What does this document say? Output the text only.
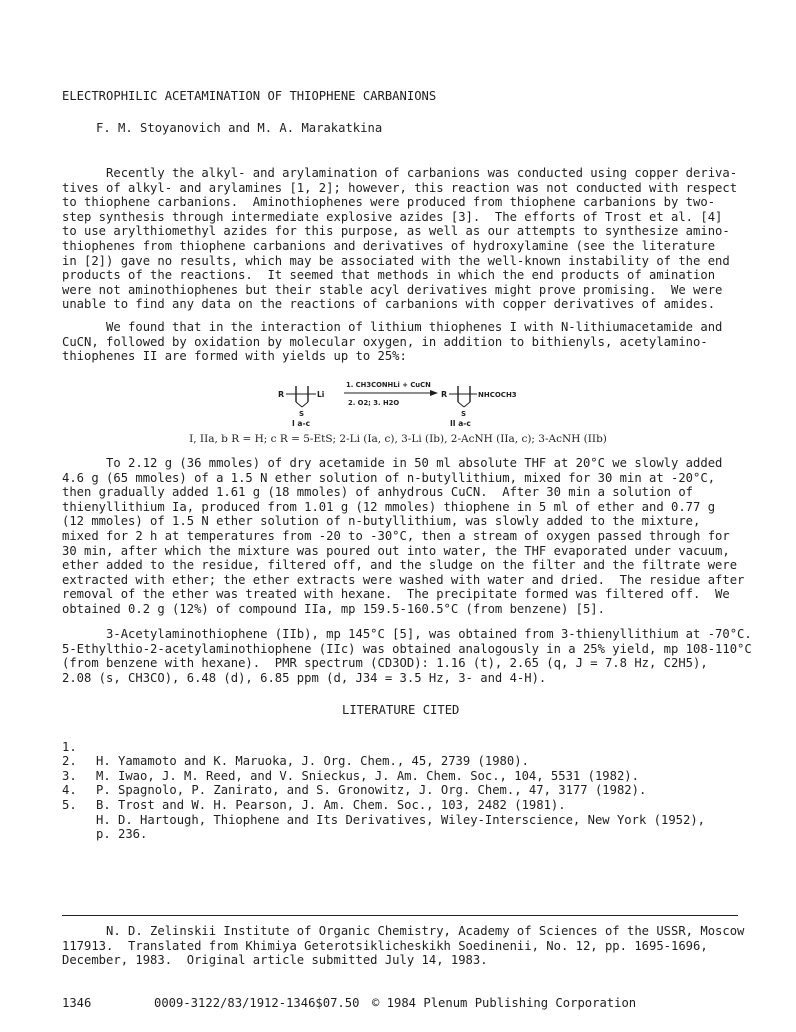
ELECTROPHILIC ACETAMINATION OF THIOPHENE CARBANIONS
F. M. Stoyanovich and M. A. Marakatkina
Recently the alkyl- and arylamination of carbanions was conducted using copper deriva-
tives of alkyl- and arylamines [1, 2]; however, this reaction was not conducted with respect
to thiophene carbanions.  Aminothiophenes were produced from thiophene carbanions by two-
step synthesis through intermediate explosive azides [3].  The efforts of Trost et al. [4]
to use arylthiomethyl azides for this purpose, as well as our attempts to synthesize amino-
thiophenes from thiophene carbanions and derivatives of hydroxylamine (see the literature
in [2]) gave no results, which may be associated with the well-known instability of the end
products of the reactions.  It seemed that methods in which the end products of amination
were not aminothiophenes but their stable acyl derivatives might prove promising.  We were
unable to find any data on the reactions of carbanions with copper derivatives of amides.
We found that in the interaction of lithium thiophenes I with N-lithiumacetamide and
CuCN, followed by oxidation by molecular oxygen, in addition to bithienyls, acetylamino-
thiophenes II are formed with yields up to 25%:
R	Li
S
I a-c
1. CH3CONHLi + CuCN
2. O2; 3. H2O
R	NHCOCH3
S
II a-c
I, IIa, b R = H; c R = 5-EtS; 2-Li (Ia, c), 3-Li (Ib), 2-AcNH (IIa, c); 3-AcNH (IIb)
To 2.12 g (36 mmoles) of dry acetamide in 50 ml absolute THF at 20°C we slowly added
4.6 g (65 mmoles) of a 1.5 N ether solution of n-butyllithium, mixed for 30 min at -20°C,
then gradually added 1.61 g (18 mmoles) of anhydrous CuCN.  After 30 min a solution of
thienyllithium Ia, produced from 1.01 g (12 mmoles) thiophene in 5 ml of ether and 0.77 g
(12 mmoles) of 1.5 N ether solution of n-butyllithium, was slowly added to the mixture,
mixed for 2 h at temperatures from -20 to -30°C, then a stream of oxygen passed through for
30 min, after which the mixture was poured out into water, the THF evaporated under vacuum,
ether added to the residue, filtered off, and the sludge on the filter and the filtrate were
extracted with ether; the ether extracts were washed with water and dried.  The residue after
removal of the ether was treated with hexane.  The precipitate formed was filtered off.  We
obtained 0.2 g (12%) of compound IIa, mp 159.5-160.5°C (from benzene) [5].
3-Acetylaminothiophene (IIb), mp 145°C [5], was obtained from 3-thienyllithium at -70°C.
5-Ethylthio-2-acetylaminothiophene (IIc) was obtained analogously in a 25% yield, mp 108-110°C
(from benzene with hexane).  PMR spectrum (CD3OD): 1.16 (t), 2.65 (q, J = 7.8 Hz, C2H5),
2.08 (s, CH3CO), 6.48 (d), 6.85 ppm (d, J34 = 3.5 Hz, 3- and 4-H).
LITERATURE CITED

1.

H. Yamamoto and K. Maruoka, J. Org. Chem., 45, 2739 (1980).

2.

M. Iwao, J. M. Reed, and V. Snieckus, J. Am. Chem. Soc., 104, 5531 (1982).

3.

P. Spagnolo, P. Zanirato, and S. Gronowitz, J. Org. Chem., 47, 3177 (1982).

4.

B. Trost and W. H. Pearson, J. Am. Chem. Soc., 103, 2482 (1981).

5.

H. D. Hartough, Thiophene and Its Derivatives, Wiley-Interscience, New York (1952),

p. 236.

N. D. Zelinskii Institute of Organic Chemistry, Academy of Sciences of the USSR, Moscow
117913.  Translated from Khimiya Geterotsiklicheskikh Soedinenii, No. 12, pp. 1695-1696,
December, 1983.  Original article submitted July 14, 1983.
1346	0009-3122/83/1912-1346$07.50 © 1984 Plenum Publishing Corporation
